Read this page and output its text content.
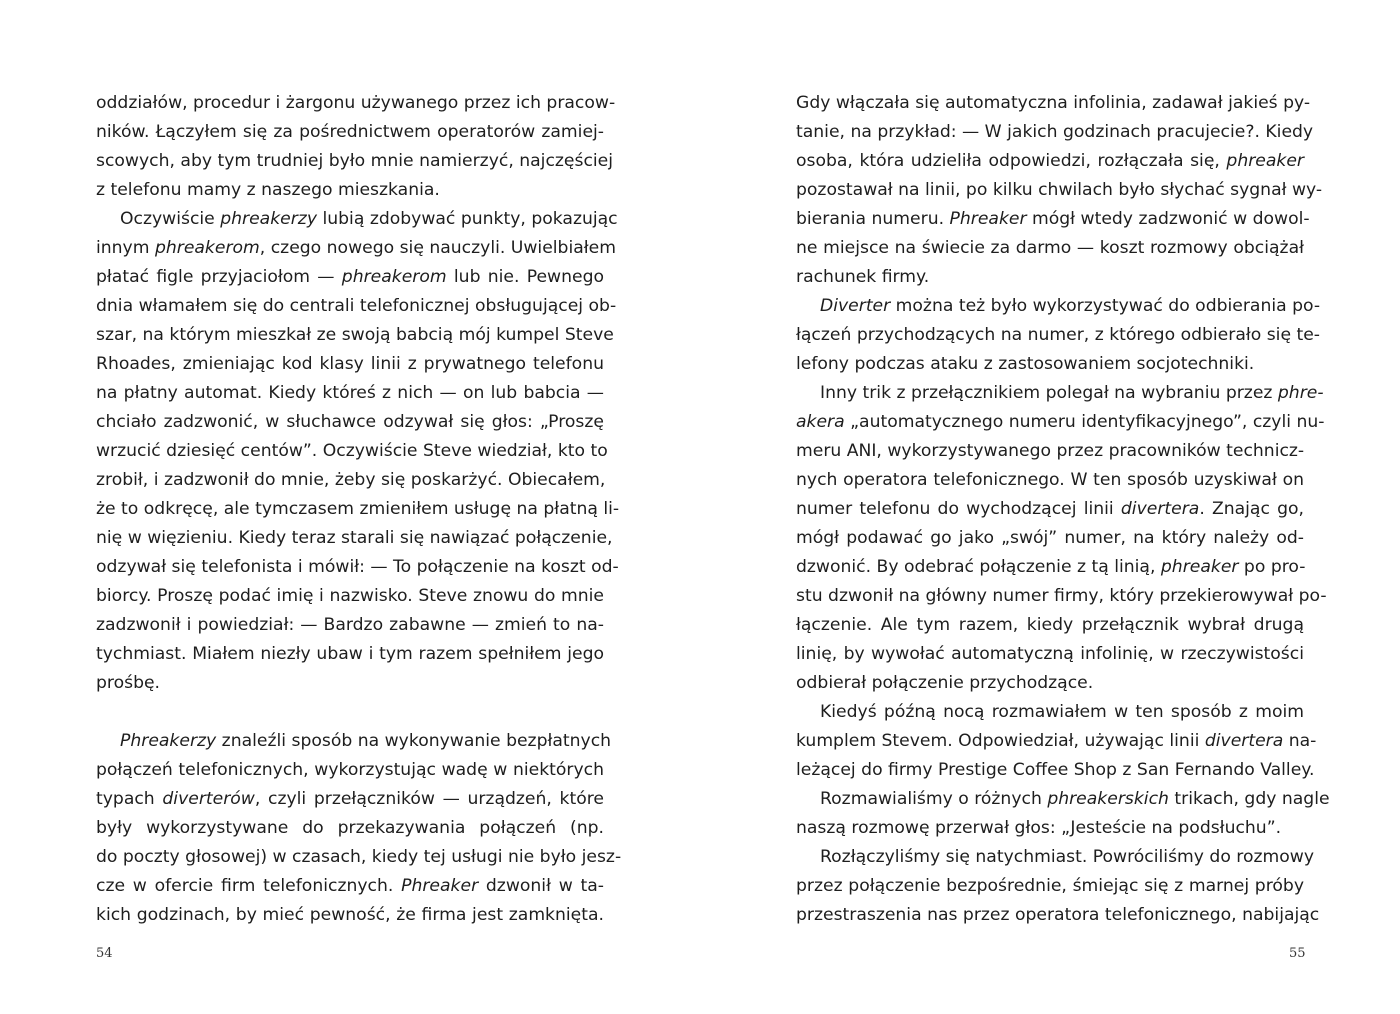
oddziałów, procedur i żargonu używanego przez ich pracow-
ników. Łączyłem się za pośrednictwem operatorów zamiej-
scowych, aby tym trudniej było mnie namierzyć, najczęściej
z telefonu mamy z naszego mieszkania.
Oczywiście phreakerzy lubią zdobywać punkty, pokazując
innym phreakerom, czego nowego się nauczyli. Uwielbiałem
płatać figle przyjaciołom — phreakerom lub nie. Pewnego
dnia włamałem się do centrali telefonicznej obsługującej ob-
szar, na którym mieszkał ze swoją babcią mój kumpel Steve
Rhoades, zmieniając kod klasy linii z prywatnego telefonu
na płatny automat. Kiedy któreś z nich — on lub babcia —
chciało zadzwonić, w słuchawce odzywał się głos: „Proszę
wrzucić dziesięć centów”. Oczywiście Steve wiedział, kto to
zrobił, i zadzwonił do mnie, żeby się poskarżyć. Obiecałem,
że to odkręcę, ale tymczasem zmieniłem usługę na płatną li-
nię w więzieniu. Kiedy teraz starali się nawiązać połączenie,
odzywał się telefonista i mówił: — To połączenie na koszt od-
biorcy. Proszę podać imię i nazwisko. Steve znowu do mnie
zadzwonił i powiedział: — Bardzo zabawne — zmień to na-
tychmiast. Miałem niezły ubaw i tym razem spełniłem jego
prośbę.
Phreakerzy znaleźli sposób na wykonywanie bezpłatnych
połączeń telefonicznych, wykorzystując wadę w niektórych
typach diverterów, czyli przełączników — urządzeń, które
były wykorzystywane do przekazywania połączeń (np.
do poczty głosowej) w czasach, kiedy tej usługi nie było jesz-
cze w ofercie firm telefonicznych. Phreaker dzwonił w ta-
kich godzinach, by mieć pewność, że firma jest zamknięta.
54
Gdy włączała się automatyczna infolinia, zadawał jakieś py-
tanie, na przykład: — W jakich godzinach pracujecie?. Kiedy
osoba, która udzieliła odpowiedzi, rozłączała się, phreaker
pozostawał na linii, po kilku chwilach było słychać sygnał wy-
bierania numeru. Phreaker mógł wtedy zadzwonić w dowol-
ne miejsce na świecie za darmo — koszt rozmowy obciążał
rachunek firmy.
Diverter można też było wykorzystywać do odbierania po-
łączeń przychodzących na numer, z którego odbierało się te-
lefony podczas ataku z zastosowaniem socjotechniki.
Inny trik z przełącznikiem polegał na wybraniu przez phre-
akera „automatycznego numeru identyfikacyjnego”, czyli nu-
meru ANI, wykorzystywanego przez pracowników technicz-
nych operatora telefonicznego. W ten sposób uzyskiwał on
numer telefonu do wychodzącej linii divertera. Znając go,
mógł podawać go jako „swój” numer, na który należy od-
dzwonić. By odebrać połączenie z tą linią, phreaker po pro-
stu dzwonił na główny numer firmy, który przekierowywał po-
łączenie. Ale tym razem, kiedy przełącznik wybrał drugą
linię, by wywołać automatyczną infolinię, w rzeczywistości
odbierał połączenie przychodzące.
Kiedyś późną nocą rozmawiałem w ten sposób z moim
kumplem Stevem. Odpowiedział, używając linii divertera na-
leżącej do firmy Prestige Coffee Shop z San Fernando Valley.
Rozmawialiśmy o różnych phreakerskich trikach, gdy nagle
naszą rozmowę przerwał głos: „Jesteście na podsłuchu”.
Rozłączyliśmy się natychmiast. Powróciliśmy do rozmowy
przez połączenie bezpośrednie, śmiejąc się z marnej próby
przestraszenia nas przez operatora telefonicznego, nabijając
55
